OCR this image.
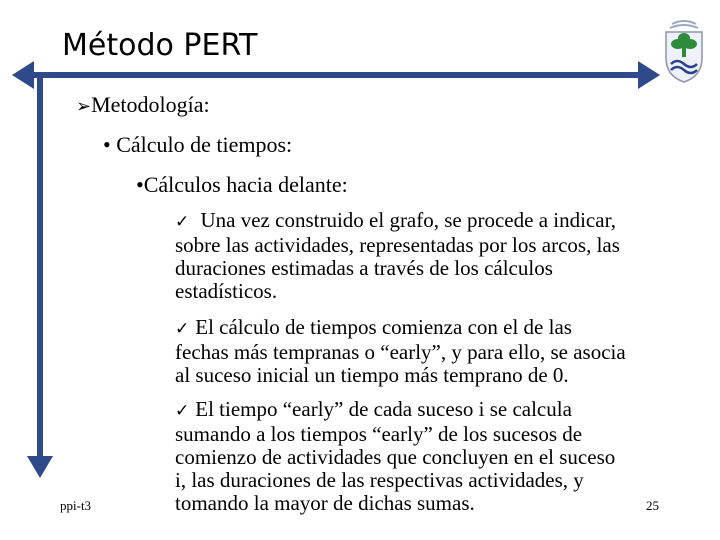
Método PERT
➢Metodología:
• Cálculo de tiempos:
•Cálculos hacia delante:
✓ Una vez construido el grafo, se procede a indicar,
sobre las actividades, representadas por los arcos, las
duraciones estimadas a través de los cálculos
estadísticos.
✓ El cálculo de tiempos comienza con el de las
fechas más tempranas o “early”, y para ello, se asocia
al suceso inicial un tiempo más temprano de 0.
✓ El tiempo “early” de cada suceso i se calcula
sumando a los tiempos “early” de los sucesos de
comienzo de actividades que concluyen en el suceso
i, las duraciones de las respectivas actividades, y
tomando la mayor de dichas sumas.
ppi-t3	25
